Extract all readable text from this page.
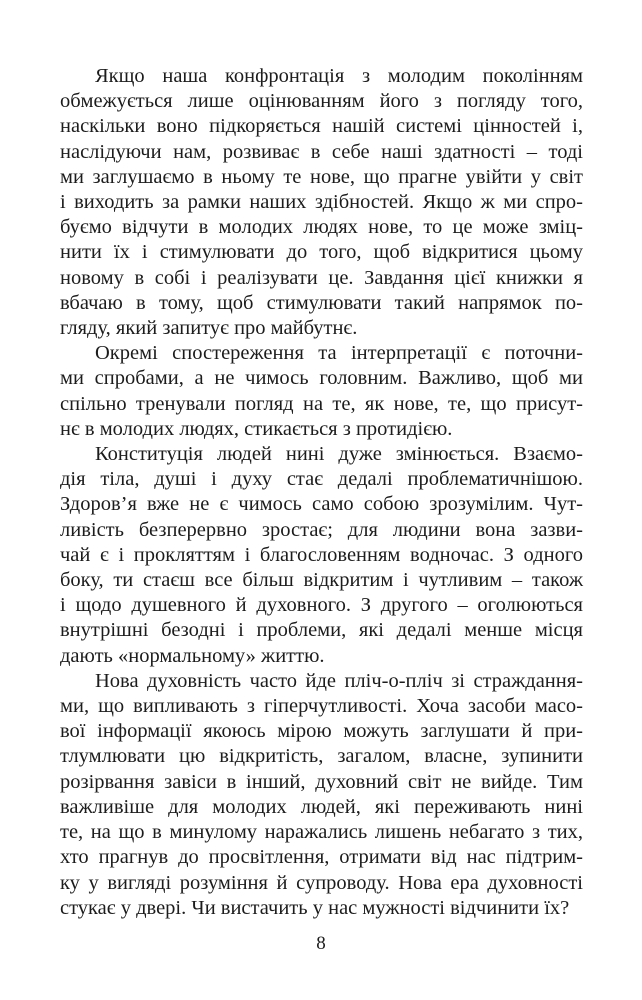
Якщо наша конфронтація з молодим поколінням
обмежується лише оцінюванням його з погляду того,
наскільки воно підкоряється нашій системі цінностей і,
наслідуючи нам, розвиває в себе наші здатності – тоді
ми заглушаємо в ньому те нове, що прагне увійти у світ
і виходить за рамки наших здібностей. Якщо ж ми спро-
буємо відчути в молодих людях нове, то це може зміц-
нити їх і стимулювати до того, щоб відкритися цьому
новому в собі і реалізувати це. Завдання цієї книжки я
вбачаю в тому, щоб стимулювати такий напрямок по-
гляду, який запитує про майбутнє.

Окремі спостереження та інтерпретації є поточни-
ми спробами, а не чимось головним. Важливо, щоб ми
спільно тренували погляд на те, як нове, те, що присут-
нє в молодих людях, стикається з протидією.

Конституція людей нині дуже змінюється. Взаємо-
дія тіла, душі і духу стає дедалі проблематичнішою.
Здоров’я вже не є чимось само собою зрозумілим. Чут-
ливість безперервно зростає; для людини вона зазви-
чай є і прокляттям і благословенням водночас. З одного
боку, ти стаєш все більш відкритим і чутливим – також
і щодо душевного й духовного. З другого – оголюються
внутрішні безодні і проблеми, які дедалі менше місця
дають «нормальному» життю.

Нова духовність часто йде пліч-о-пліч зі страждання-
ми, що випливають з гіперчутливості. Хоча засоби масо-
вої інформації якоюсь мірою можуть заглушати й при-
тлумлювати цю відкритість, загалом, власне, зупинити
розірвання завіси в інший, духовний світ не вийде. Тим
важливіше для молодих людей, які переживають нині
те, на що в минулому наражались лишень небагато з тих,
хто прагнув до просвітлення, отримати від нас підтрим-
ку у вигляді розуміння й супроводу. Нова ера духовності
стукає у двері. Чи вистачить у нас мужності відчинити їх?

8
